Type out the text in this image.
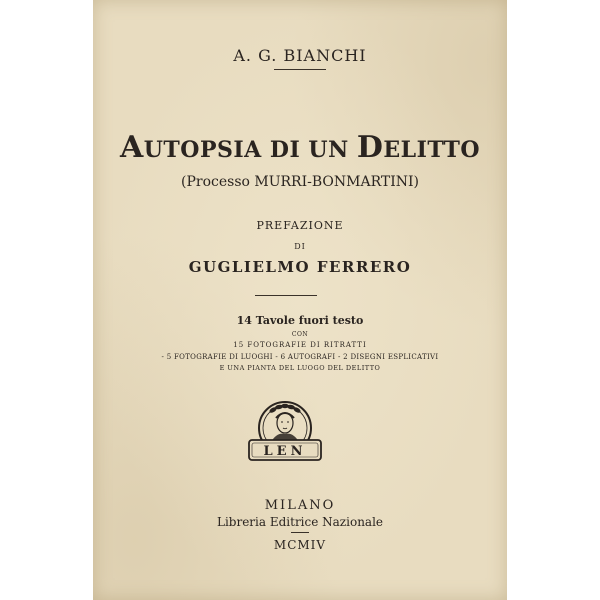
A. G. BIANCHI
AUTOPSIA DI UN DELITTO
(Processo MURRI-BONMARTINI)
PREFAZIONE
DI
GUGLIELMO FERRERO
14 Tavole fuori testo
CON
15 FOTOGRAFIE DI RITRATTI
- 5 FOTOGRAFIE DI LUOGHI - 6 AUTOGRAFI - 2 DISEGNI ESPLICATIVI
E UNA PIANTA DEL LUOGO DEL DELITTO
LEN
MILANO
Libreria Editrice Nazionale
MCMIV
